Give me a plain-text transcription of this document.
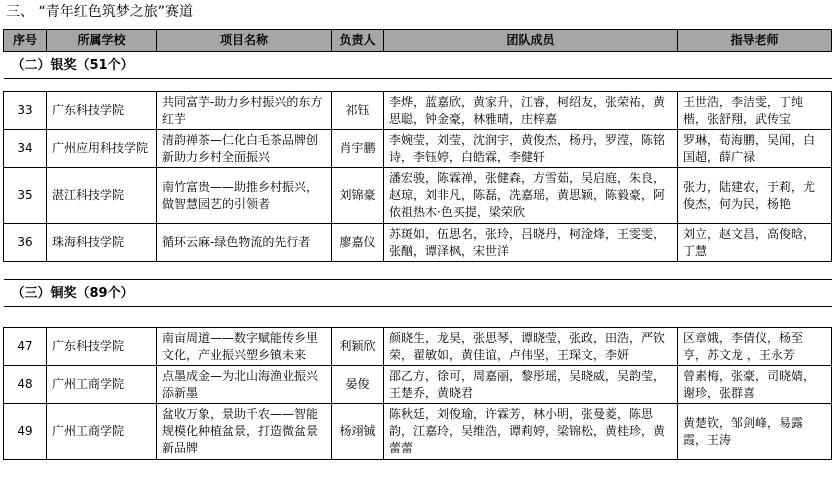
三、 “青年红色筑梦之旅”赛道
序号	所属学校	项目名称	负责人	团队成员	指导老师
（二）银奖（51个）					

33	广东科技学院	共同富芋-助力乡村振兴的东方红芋	祁钰	李烨，蓝嘉欣，黄家升，江睿，柯绍友，张荣祐，黄思聪，钟金豪，林雅晴，庄梓嘉	王世浩，李洁雯，丁纯楷，张舒翔，武传宝
34	广州应用科技学院	清韵禅茶—仁化白毛茶品牌创新助力乡村全面振兴	肖宇鹏	李婉莹，刘莹，沈润宇，黄俊杰，杨丹，罗滢，陈铭诗，李钰婷，白皓霖，李健轩	罗琳，荀海鹏，吴闻，白国超，薛广禄
35	湛江科技学院	南竹富贵——助推乡村振兴，做智慧园艺的引领者	刘锦豪	潘宏骏，陈霖禅，张健森，方雪茹，吴启庭，朱良，赵琼，刘非凡，陈磊，冼嘉瑶，黄思颖，陈毅豪，阿依祖热木·色买提，梁荣欣	张力，陆建农，于莉，尤俊杰，何为民，杨艳
36	珠海科技学院	循环云麻-绿色物流的先行者	廖嘉仪	苏斑如，伍思名，张玲，吕晓丹，柯淦烽，王雯雯，张酗，谭泽枫，宋世洋	刘立，赵文昌，高俊晗，丁慧

（三）铜奖（89个）					

47	广东科技学院	南亩周道——数字赋能传乡里文化，产业振兴塑乡镇未来	利颖欣	颜晓生，龙昊，张思琴，谭晓莹，张政，田浩，严钦荣，翟敏如，黄佳谊，卢伟坚，王琛文，李妍	区章娥，李倩仪，杨至亨，苏文龙 ，王永芳
48	广州工商学院	点墨成金—为北山海渔业振兴添新墨	晏俊	邵乙方，徐可，周嘉丽，黎彤瑶，吴晓威，吴韵莹，王楚乔，黄晓君	曾素梅，张豪，司晓婧，谢珍，张群喜
49	广州工商学院	盆收万象，景助千农——智能规模化种植盆景，打造微盆景新品牌	杨翊铖	陈秋廷，刘俊瑜，许霖芳，林小明，张曼菱，陈思韵，江嘉玲，吴维浩，谭莉婷，梁锦松，黄桂珍，黄蕾蕾	黄楚钦，邹剑峰，易露霞，王涛
